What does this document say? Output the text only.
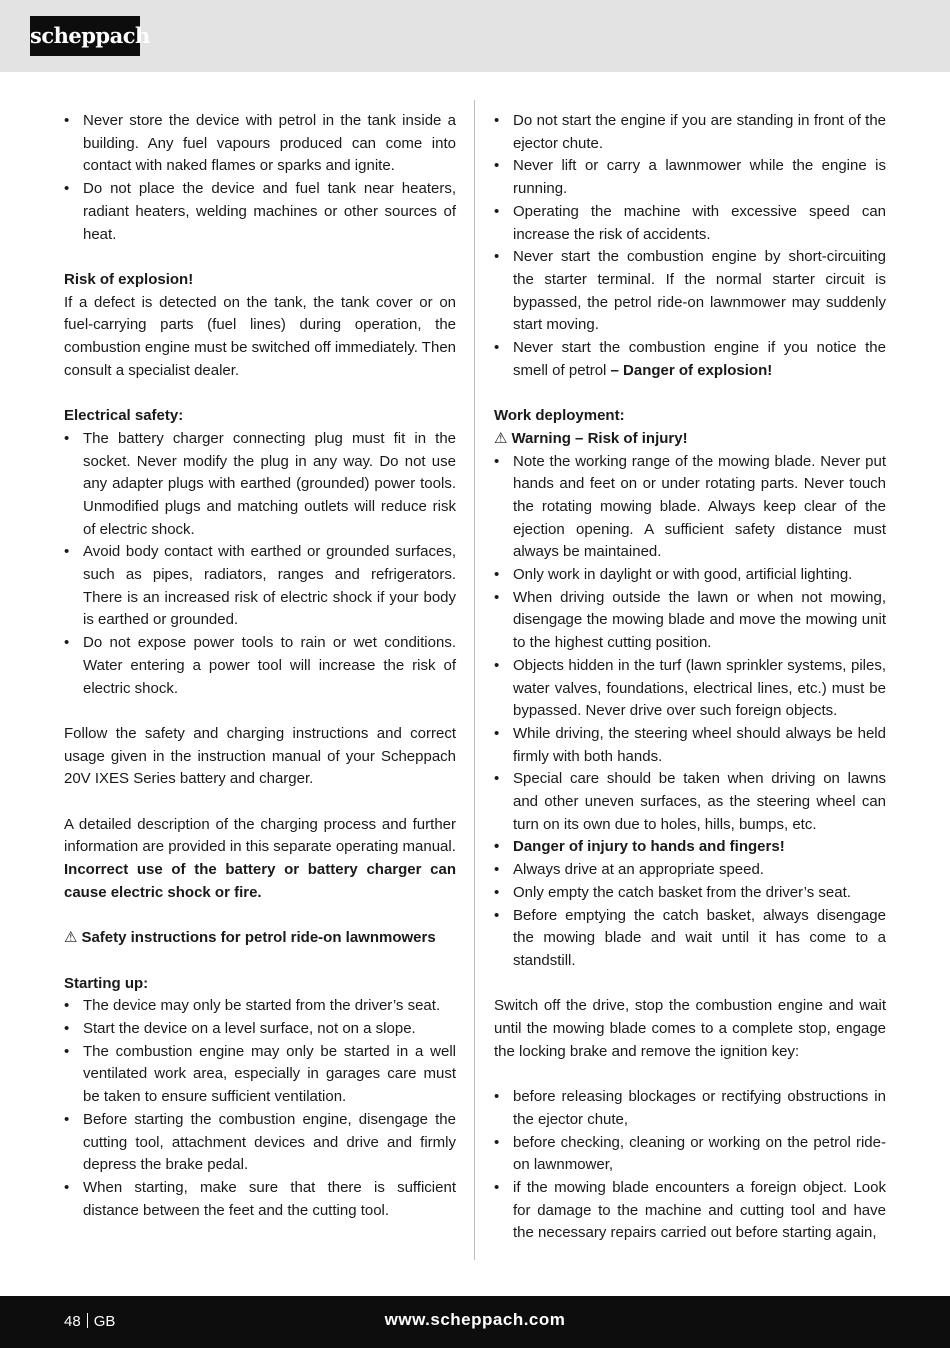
scheppach
• Never store the device with petrol in the tank inside a building. Any fuel vapours produced can come into contact with naked flames or sparks and ignite.
• Do not place the device and fuel tank near heaters, radiant heaters, welding machines or other sources of heat.

Risk of explosion!

If a defect is detected on the tank, the tank cover or on fuel-carrying parts (fuel lines) during operation, the combustion engine must be switched off immediately. Then consult a specialist dealer.

Electrical safety:

• The battery charger connecting plug must fit in the socket. Never modify the plug in any way. Do not use any adapter plugs with earthed (grounded) power tools. Unmodified plugs and matching outlets will reduce risk of electric shock.
• Avoid body contact with earthed or grounded surfaces, such as pipes, radiators, ranges and refrigerators. There is an increased risk of electric shock if your body is earthed or grounded.
• Do not expose power tools to rain or wet conditions. Water entering a power tool will increase the risk of electric shock.

Follow the safety and charging instructions and correct usage given in the instruction manual of your Scheppach 20V IXES Series battery and charger.

A detailed description of the charging process and further information are provided in this separate operating manual.

Incorrect use of the battery or battery charger can cause electric shock or fire.

⚠ Safety instructions for petrol ride-on lawnmowers

Starting up:

• The device may only be started from the driver’s seat.
• Start the device on a level surface, not on a slope.
• The combustion engine may only be started in a well ventilated work area, especially in garages care must be taken to ensure sufficient ventilation.
• Before starting the combustion engine, disengage the cutting tool, attachment devices and drive and firmly depress the brake pedal.
• When starting, make sure that there is sufficient distance between the feet and the cutting tool.
• Do not start the engine if you are standing in front of the ejector chute.
• Never lift or carry a lawnmower while the engine is running.
• Operating the machine with excessive speed can increase the risk of accidents.
• Never start the combustion engine by short-circuiting the starter terminal. If the normal starter circuit is bypassed, the petrol ride-on lawnmower may suddenly start moving.
• Never start the combustion engine if you notice the smell of petrol – Danger of explosion!

Work deployment:

⚠ Warning – Risk of injury!

• Note the working range of the mowing blade. Never put hands and feet on or under rotating parts. Never touch the rotating mowing blade. Always keep clear of the ejection opening. A sufficient safety distance must always be maintained.
• Only work in daylight or with good, artificial lighting.
• When driving outside the lawn or when not mowing, disengage the mowing blade and move the mowing unit to the highest cutting position.
• Objects hidden in the turf (lawn sprinkler systems, piles, water valves, foundations, electrical lines, etc.) must be bypassed. Never drive over such foreign objects.
• While driving, the steering wheel should always be held firmly with both hands.
• Special care should be taken when driving on lawns and other uneven surfaces, as the steering wheel can turn on its own due to holes, hills, bumps, etc.
• Danger of injury to hands and fingers!
• Always drive at an appropriate speed.
• Only empty the catch basket from the driver’s seat.
• Before emptying the catch basket, always disengage the mowing blade and wait until it has come to a standstill.

Switch off the drive, stop the combustion engine and wait until the mowing blade comes to a complete stop, engage the locking brake and remove the ignition key:

• before releasing blockages or rectifying obstructions in the ejector chute,
• before checking, cleaning or working on the petrol ride-on lawnmower,
• if the mowing blade encounters a foreign object. Look for damage to the machine and cutting tool and have the necessary repairs carried out before starting again,
48 GB	www.scheppach.com
